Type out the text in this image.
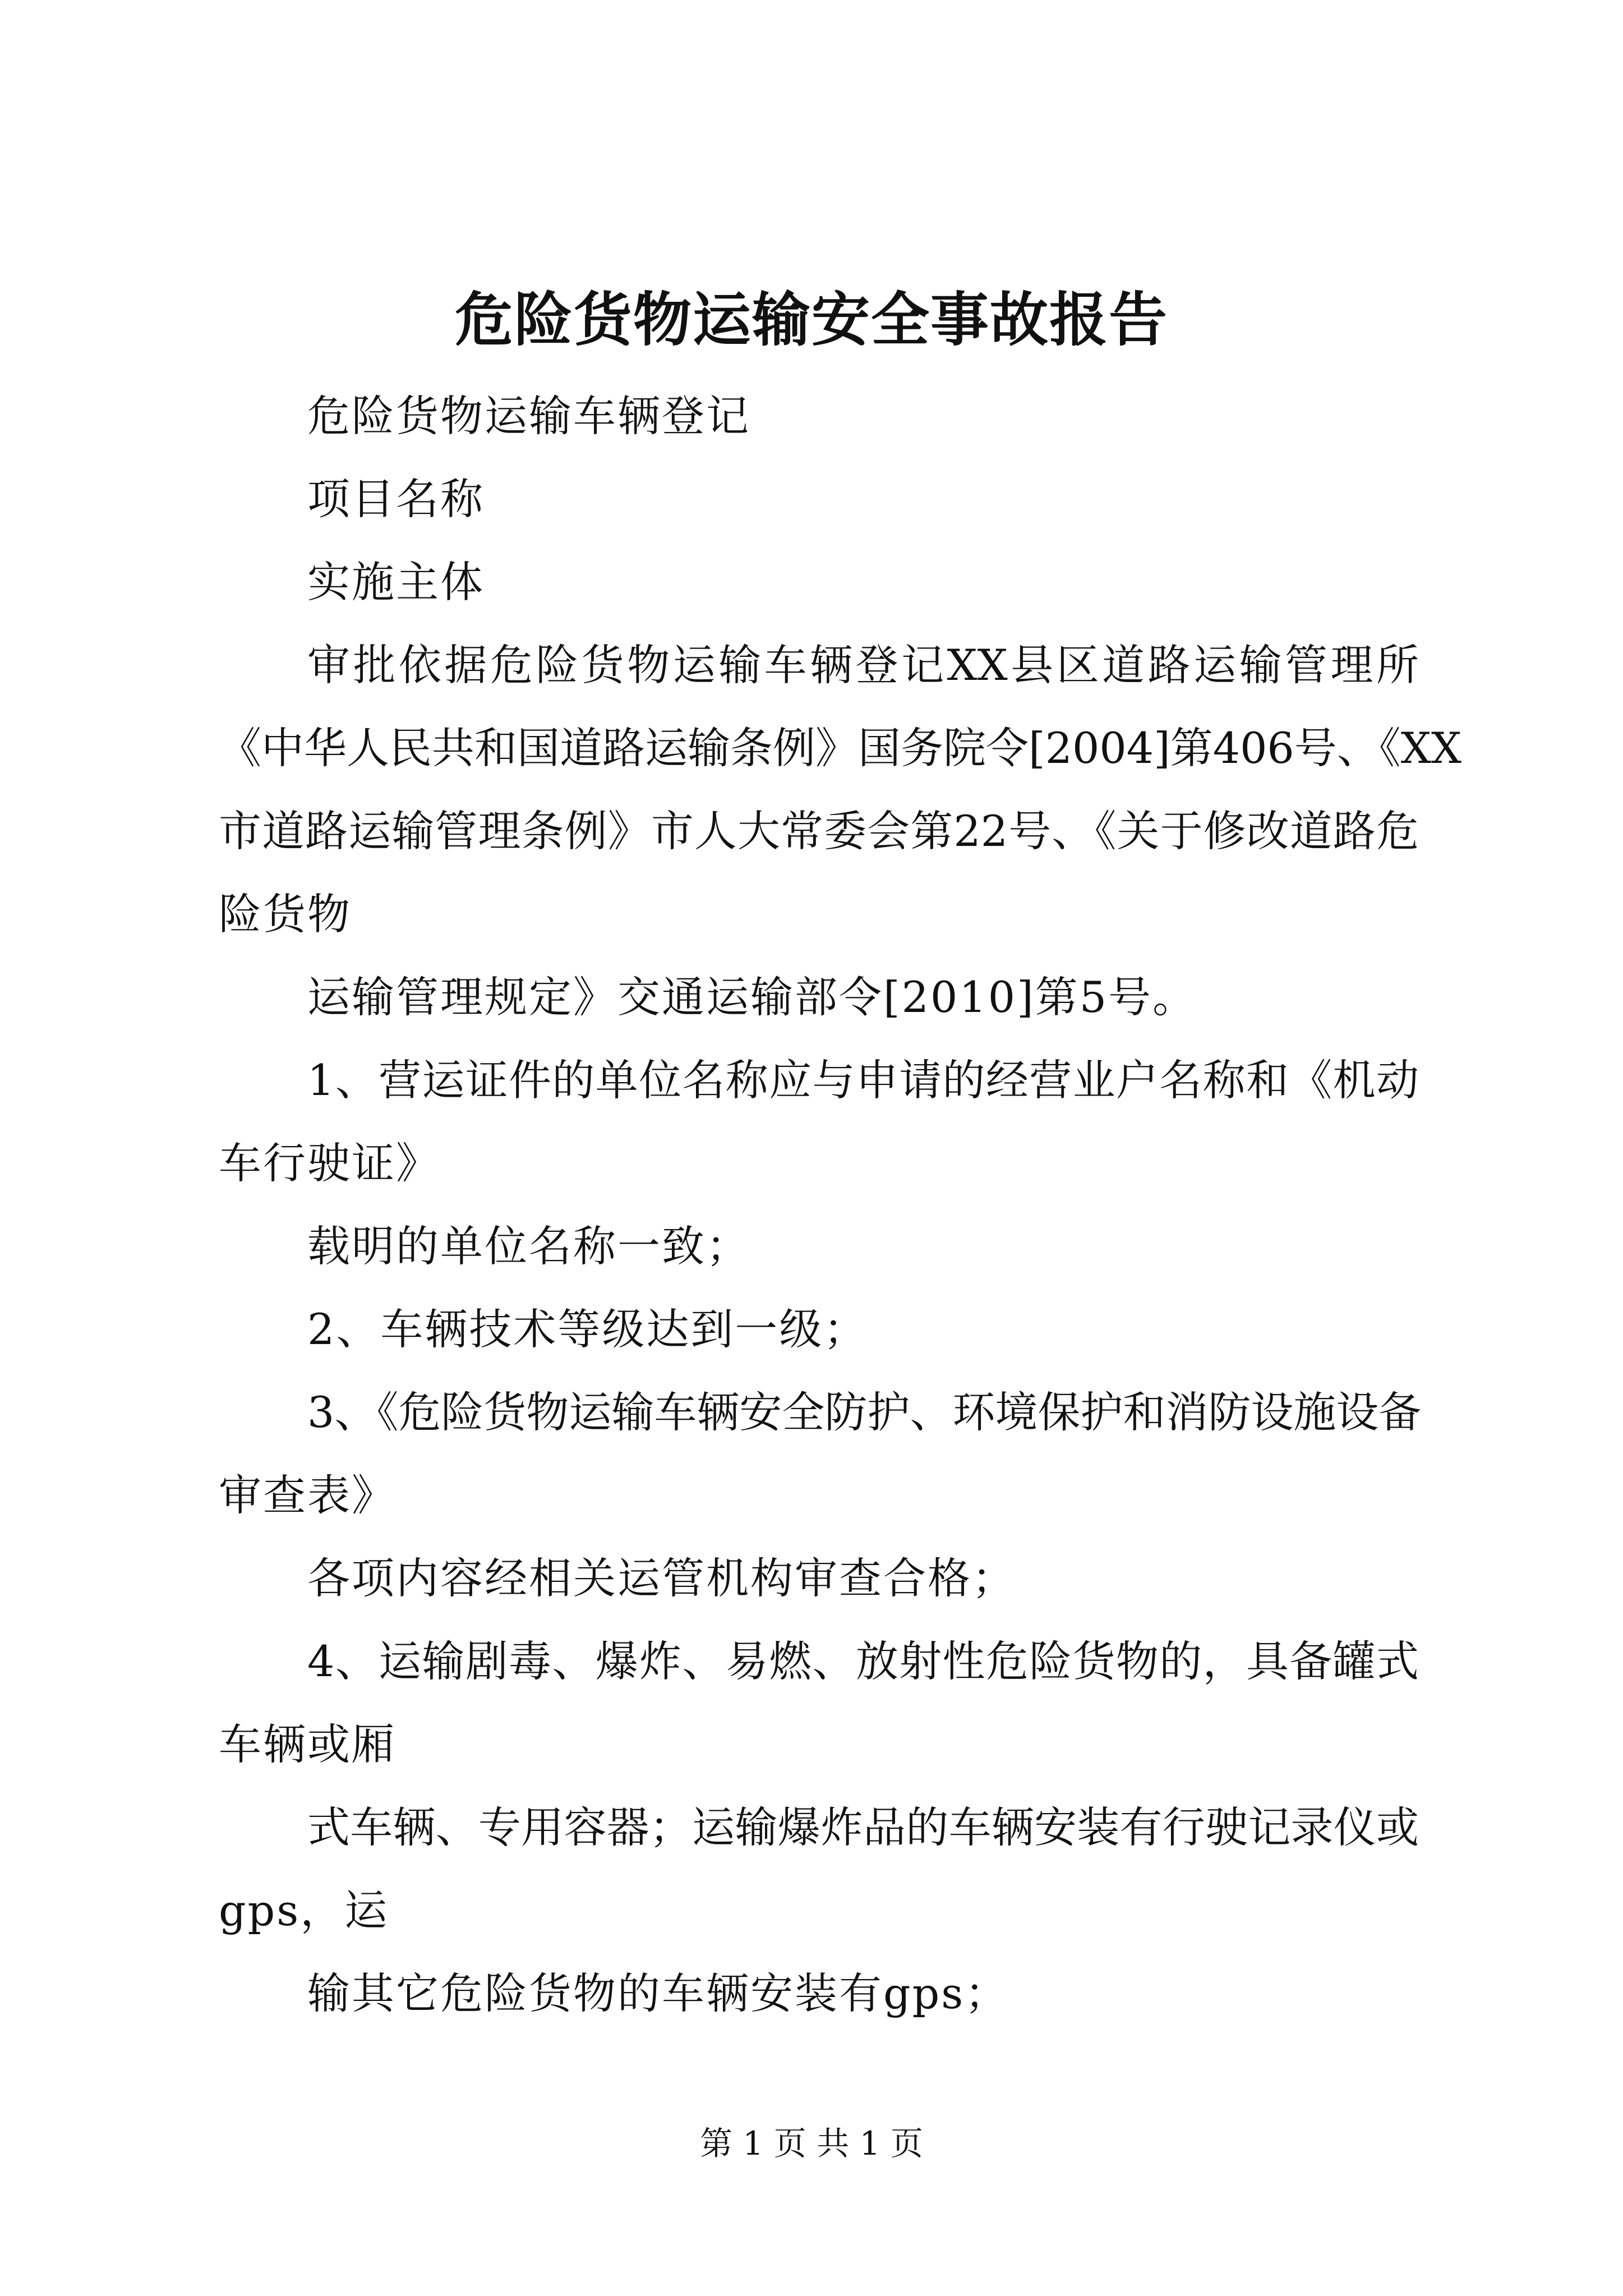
危险货物运输安全事故报告
危险货物运输车辆登记
项目名称
实施主体
审批依据危险货物运输车辆登记XX县区道路运输管理所
《中华人民共和国道路运输条例》国务院令[2004]第406号、《XX
市道路运输管理条例》市人大常委会第22号、《关于修改道路危
险货物
运输管理规定》交通运输部令[2010]第5号。
1、营运证件的单位名称应与申请的经营业户名称和《机动
车行驶证》
载明的单位名称一致；
2、车辆技术等级达到一级；
3、《危险货物运输车辆安全防护、环境保护和消防设施设备
审查表》
各项内容经相关运管机构审查合格；
4、运输剧毒、爆炸、易燃、放射性危险货物的，具备罐式
车辆或厢
式车辆、专用容器；运输爆炸品的车辆安装有行驶记录仪或
gps，运
输其它危险货物的车辆安装有gps；
第 1 页 共 1 页
